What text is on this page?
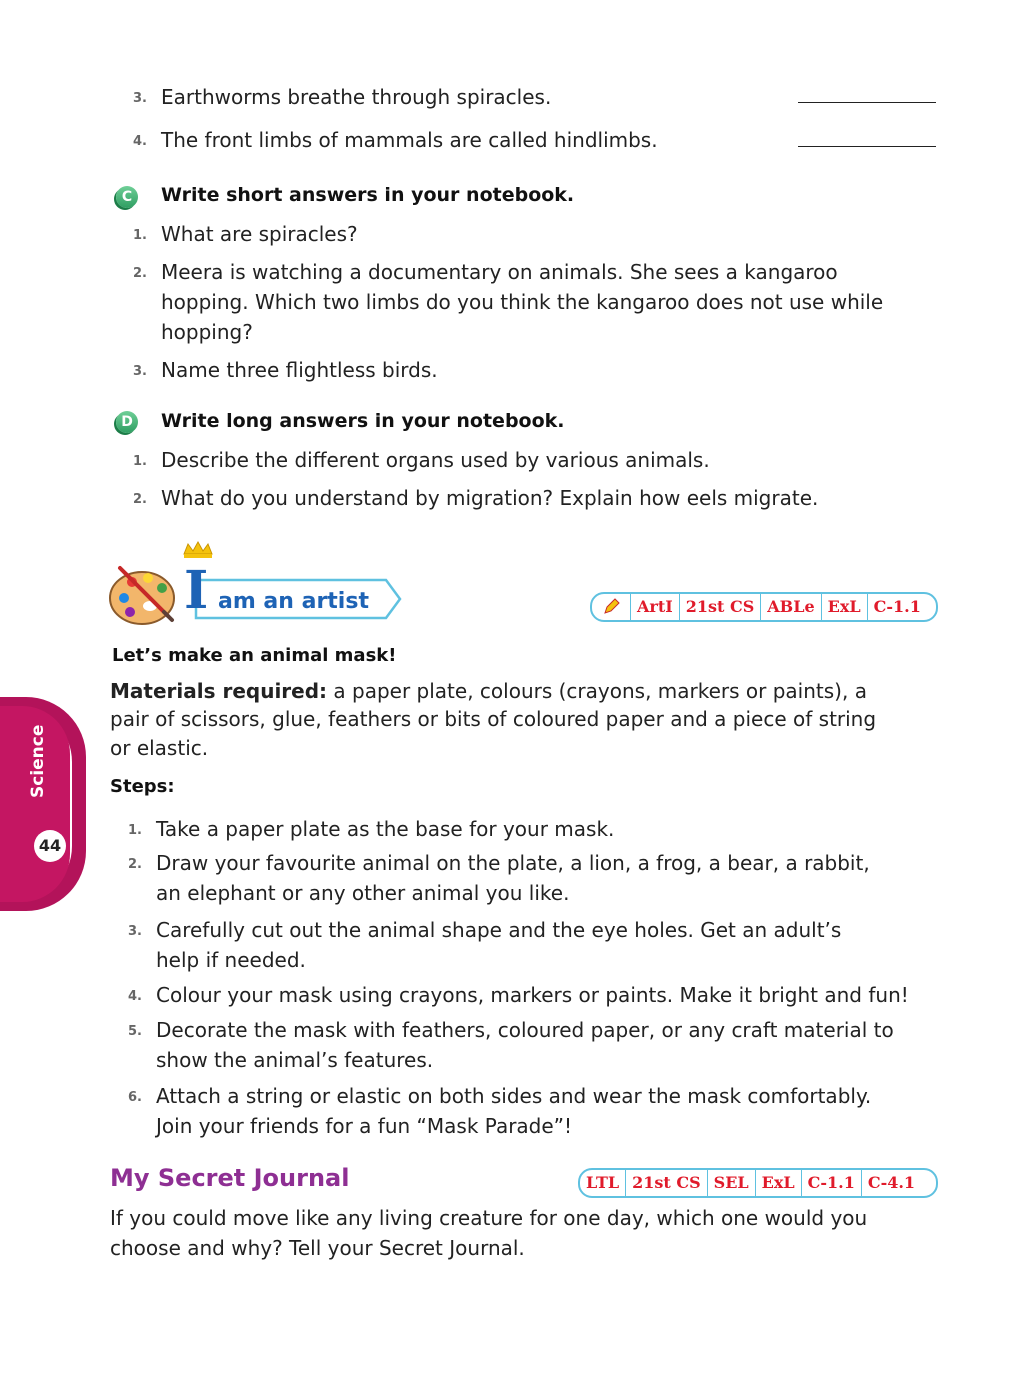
3. Earthworms breathe through spiracles.
4. The front limbs of mammals are called hindlimbs.
C	Write short answers in your notebook.
1. What are spiracles?
2. Meera is watching a documentary on animals. She sees a kangaroo
hopping. Which two limbs do you think the kangaroo does not use while
hopping?
3. Name three flightless birds.
D Write long answers in your notebook.
1. Describe the different organs used by various animals.
2. What do you understand by migration? Explain how eels migrate.
I am an artist	ArtI 21st CS ABLe ExL C-1.1
Let’s make an animal mask!
Materials required: a paper plate, colours (crayons, markers or paints), a
pair of scissors, glue, feathers or bits of coloured paper and a piece of string
or elastic.
Steps:
1. Take a paper plate as the base for your mask.
2. Draw your favourite animal on the plate, a lion, a frog, a bear, a rabbit,
an elephant or any other animal you like.
3. Carefully cut out the animal shape and the eye holes. Get an adult’s
help if needed.
4. Colour your mask using crayons, markers or paints. Make it bright and fun!
5. Decorate the mask with feathers, coloured paper, or any craft material to
show the animal’s features.
6. Attach a string or elastic on both sides and wear the mask comfortably.
Join your friends for a fun “Mask Parade”!
My Secret Journal	LTL 21st CS SEL ExL C-1.1 C-4.1
If you could move like any living creature for one day, which one would you
choose and why? Tell your Secret Journal.
Science
44
